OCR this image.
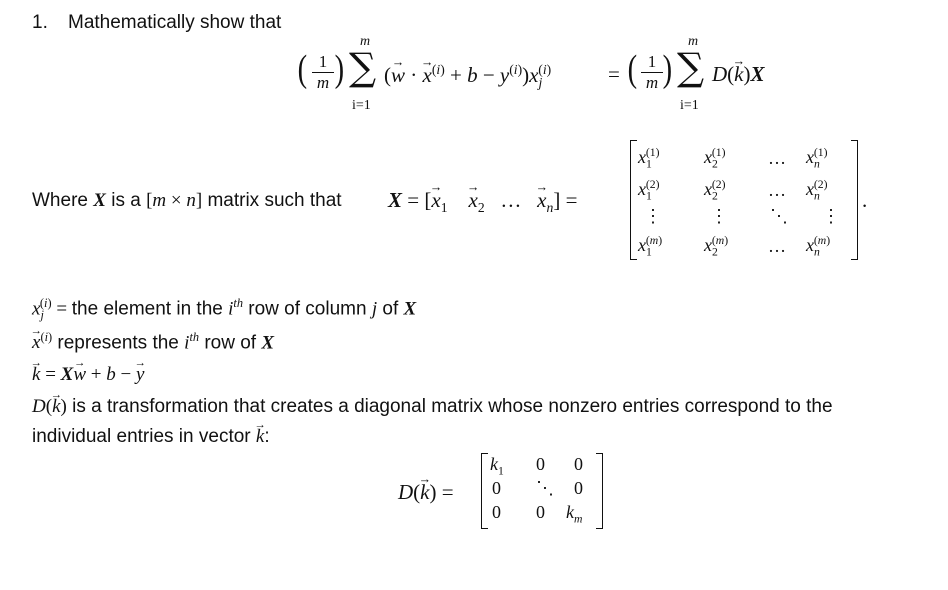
1. Mathematically show that
( $\frac{1}{m}$ )
m
∑
i=1
(→ w · → $x^{(i)} + b - y^{(i)})x_j^{(i)}$	= ( $\frac{1}{m}$ )
m
∑
i=1
D(→ k)X
Where X is a [m × n] matrix such that X = [→ $x_1$    → $x_2$   …   → $x_n$] =
$x_1^{(1)}$ $x_2^{(1)}$ … $x_n^{(1)}$
$x_1^{(2)}$ $x_2^{(2)}$ … $x_n^{(2)}$
⋮	⋮ ⋱ ⋮
$x_1^{(m)}$ $x_2^{(m)}$ … $x_n^{(m)}$
.
$x_j^{(i)}$ = the element in the $i^{th}$ row of column j of X
→ $x^{(i)}$ represents the $i^{th}$ row of X
→ k = X→ w + b − → y
D(→ k) is a transformation that creates a diagonal matrix whose nonzero entries correspond to the
individual entries in vector → k:
D(→ k) =
$k_1$ 0 0
0 ⋱ 0
0 0 $k_m$
